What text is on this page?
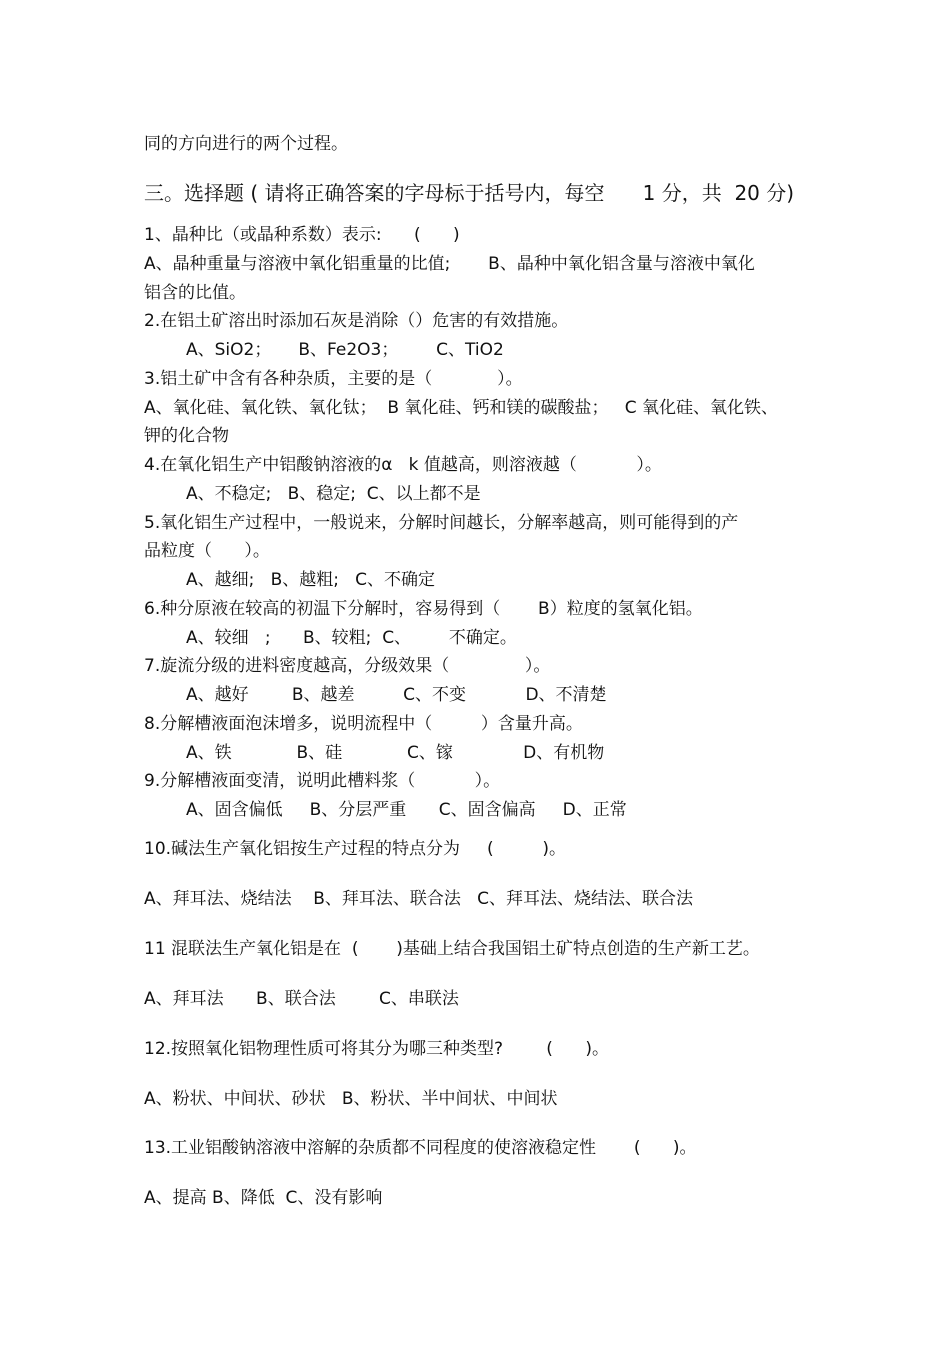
同的方向进行的两个过程。
三。选择题 ( 请将正确答案的字母标于括号内，每空      1 分，共  20 分)
1、晶种比（或晶种系数）表示:      (      )
A、晶种重量与溶液中氧化铝重量的比值;       B、晶种中氧化铝含量与溶液中氧化
铝含的比值。
2.在铝土矿溶出时添加石灰是消除（）危害的有效措施。
A、SiO2；     B、Fe2O3；       C、TiO2
3.铝土矿中含有各种杂质，主要的是（            ）。
A、氧化硅、氧化铁、氧化钛；  B 氧化硅、钙和镁的碳酸盐；   C 氧化硅、氧化铁、
钾的化合物
4.在氧化铝生产中铝酸钠溶液的α   k 值越高，则溶液越（           ）。
A、不稳定;   B、稳定;  C、以上都不是
5.氧化铝生产过程中，一般说来，分解时间越长，分解率越高，则可能得到的产
品粒度（      ）。
A、越细;   B、越粗;   C、不确定
6.种分原液在较高的初温下分解时，容易得到（       B）粒度的氢氧化铝。
A、较细   ;      B、较粗;  C、       不确定。
7.旋流分级的进料密度越高，分级效果（              ）。
A、越好        B、越差         C、不变           D、不清楚
8.分解槽液面泡沫增多，说明流程中（         ）含量升高。
A、铁            B、硅            C、镓             D、有机物
9.分解槽液面变清，说明此槽料浆（           ）。
A、固含偏低     B、分层严重      C、固含偏高     D、正常
10.碱法生产氧化铝按生产过程的特点分为     (         )。
A、拜耳法、烧结法    B、拜耳法、联合法   C、拜耳法、烧结法、联合法
11 混联法生产氧化铝是在  (       )基础上结合我国铝土矿特点创造的生产新工艺。
A、拜耳法      B、联合法        C、串联法
12.按照氧化铝物理性质可将其分为哪三种类型?        (      )。
A、粉状、中间状、砂状   B、粉状、半中间状、中间状
13.工业铝酸钠溶液中溶解的杂质都不同程度的使溶液稳定性       (      )。
A、提高 B、降低  C、没有影响
